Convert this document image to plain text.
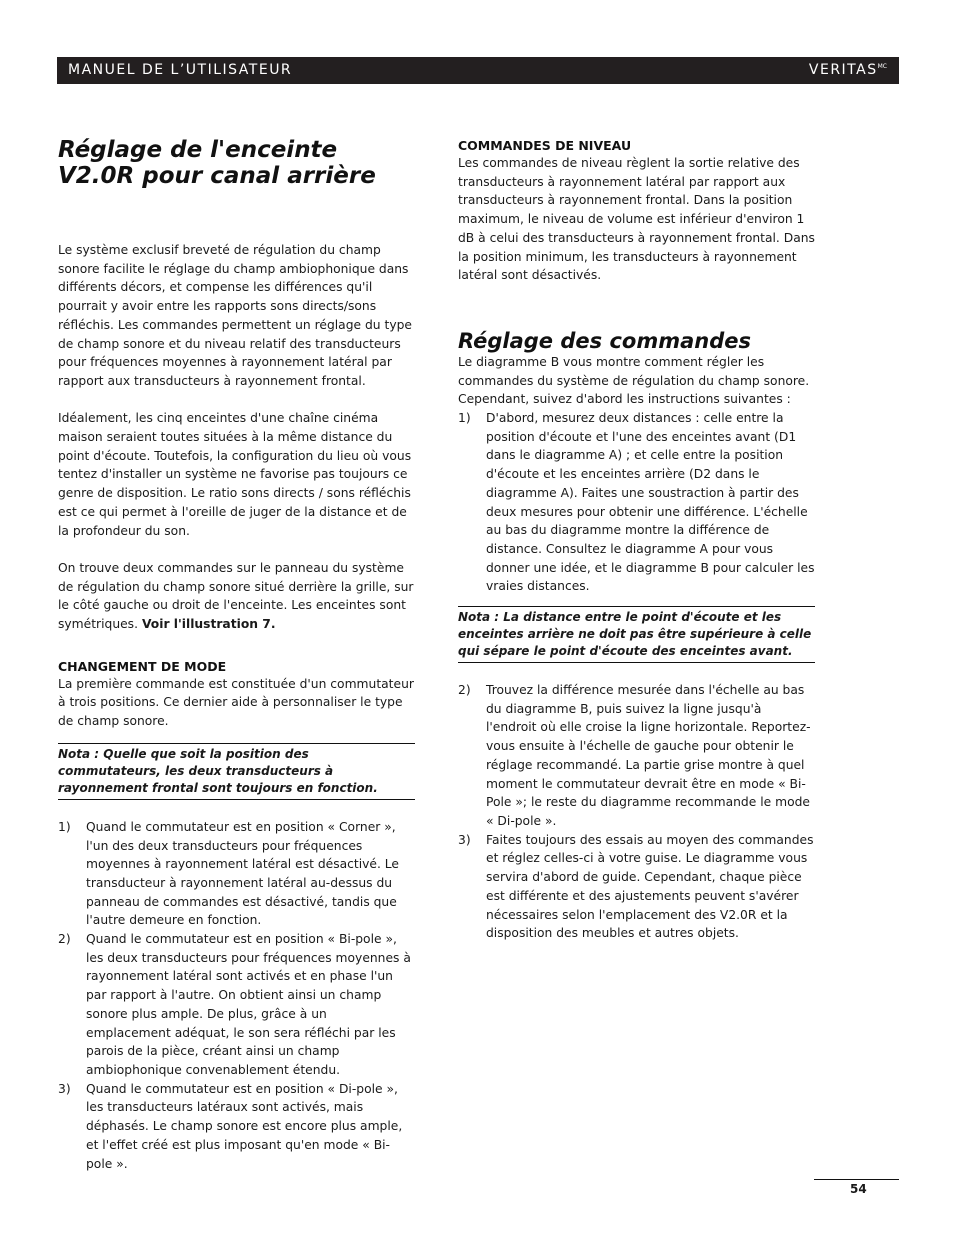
MANUEL DE L’UTILISATEUR	$VERITAS^{MC}$
Réglage de l'enceinte
V2.0R pour canal arrière

Le système exclusif breveté de régulation du champ sonore facilite le réglage du champ ambiophonique dans différents décors, et compense les différences qu'il pourrait y avoir entre les rapports sons directs/sons réfléchis. Les commandes permettent un réglage du type de champ sonore et du niveau relatif des transducteurs pour fréquences moyennes à rayonnement latéral par rapport aux transducteurs à rayonnement frontal.

Idéalement, les cinq enceintes d'une chaîne cinéma maison seraient toutes situées à la même distance du point d'écoute. Toutefois, la configuration du lieu où vous tentez d'installer un système ne favorise pas toujours ce genre de disposition. Le ratio sons directs / sons réfléchis est ce qui permet à l'oreille de juger de la distance et de la profondeur du son.

On trouve deux commandes sur le panneau du système de régulation du champ sonore situé derrière la grille, sur le côté gauche ou droit de l'enceinte. Les enceintes sont symétriques. Voir l'illustration 7.

CHANGEMENT DE MODE

La première commande est constituée d'un commutateur à trois positions. Ce dernier aide à personnaliser le type de champ sonore.

Nota : Quelle que soit la position des commutateurs, les deux transducteurs à rayonnement frontal sont toujours en fonction.

1) Quand le commutateur est en position « Corner », l'un des deux transducteurs pour fréquences moyennes à rayonnement latéral est désactivé. Le transducteur à rayonnement latéral au-dessus du panneau de commandes est désactivé, tandis que l'autre demeure en fonction.
2) Quand le commutateur est en position « Bi-pole », les deux transducteurs pour fréquences moyennes à rayonnement latéral sont activés et en phase l'un par rapport à l'autre. On obtient ainsi un champ sonore plus ample. De plus, grâce à un emplacement adéquat, le son sera réfléchi par les parois de la pièce, créant ainsi un champ ambiophonique convenablement étendu.
3) Quand le commutateur est en position « Di-pole », les transducteurs latéraux sont activés, mais déphasés. Le champ sonore est encore plus ample, et l'effet créé est plus imposant qu'en mode « Bi-pole ».
COMMANDES DE NIVEAU

Les commandes de niveau règlent la sortie relative des transducteurs à rayonnement latéral par rapport aux transducteurs à rayonnement frontal. Dans la position maximum, le niveau de volume est inférieur d'environ 1 dB à celui des transducteurs à rayonnement frontal. Dans la position minimum, les transducteurs à rayonnement latéral sont désactivés.

Réglage des commandes

Le diagramme B vous montre comment régler les commandes du système de régulation du champ sonore. Cependant, suivez d'abord les instructions suivantes :

1) D'abord, mesurez deux distances : celle entre la position d'écoute et l'une des enceintes avant (D1 dans le diagramme A) ; et celle entre la position d'écoute et les enceintes arrière (D2 dans le diagramme A). Faites une soustraction à partir des deux mesures pour obtenir une différence. L'échelle au bas du diagramme montre la différence de distance. Consultez le diagramme A pour vous donner une idée, et le diagramme B pour calculer les vraies distances.

Nota : La distance entre le point d'écoute et les enceintes arrière ne doit pas être supérieure à celle qui sépare le point d'écoute des enceintes avant.

2) Trouvez la différence mesurée dans l'échelle au bas du diagramme B, puis suivez la ligne jusqu'à l'endroit où elle croise la ligne horizontale. Reportez-vous ensuite à l'échelle de gauche pour obtenir le réglage recommandé. La partie grise montre à quel moment le commutateur devrait être en mode « Bi-Pole »; le reste du diagramme recommande le mode « Di-pole ».
3) Faites toujours des essais au moyen des commandes et réglez celles-ci à votre guise. Le diagramme vous servira d'abord de guide. Cependant, chaque pièce est différente et des ajustements peuvent s'avérer nécessaires selon l'emplacement des V2.0R et la disposition des meubles et autres objets.
54
